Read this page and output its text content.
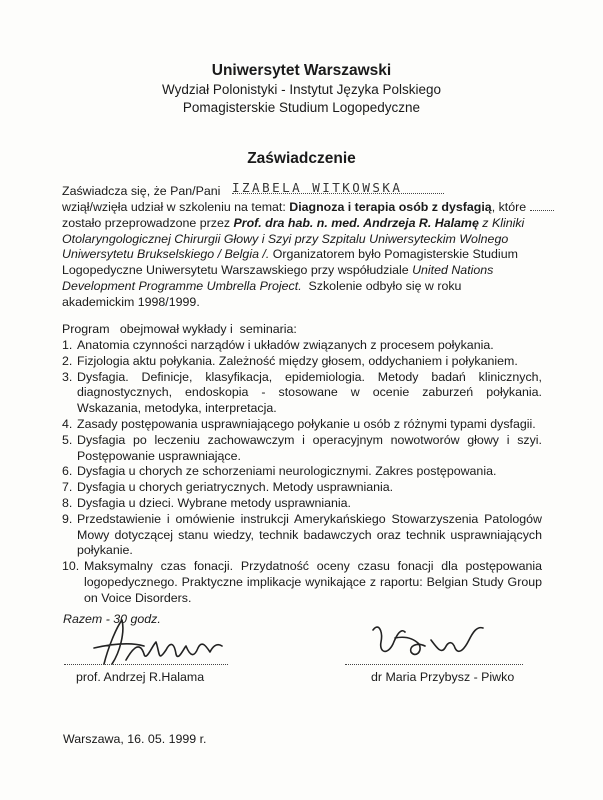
Uniwersytet Warszawski
Wydział Polonistyki - Instytut Języka Polskiego
Pomagisterskie Studium Logopedyczne
Zaświadczenie
Zaświadcza się, że Pan/Pani IZABELA WITKOWSKA
wziął/wzięła udział w szkoleniu na temat: Diagnoza i terapia osób z dysfagią, które
zostało przeprowadzone przez Prof. dra hab. n. med. Andrzeja R. Halamę z Kliniki
Otolaryngologicznej Chirurgii Głowy i Szyi przy Szpitalu Uniwersyteckim Wolnego
Uniwersytetu Brukselskiego / Belgia /. Organizatorem było Pomagisterskie Studium
Logopedyczne Uniwersytetu Warszawskiego przy współudziale United Nations
Development Programme Umbrella Project.  Szkolenie odbyło się w roku
akademickim 1998/1999.
Program   obejmował wykłady i  seminaria:
1. Anatomia czynności narządów i układów związanych z procesem połykania.
2. Fizjologia aktu połykania. Zależność między głosem, oddychaniem i połykaniem.
3. Dysfagia. Definicje, klasyfikacja, epidemiologia. Metody badań klinicznych, diagnostycznych, endoskopia - stosowane w ocenie zaburzeń połykania. Wskazania, metodyka, interpretacja.
4. Zasady postępowania usprawniającego połykanie u osób z różnymi typami dysfagii.
5. Dysfagia po leczeniu zachowawczym i operacyjnym nowotworów głowy i szyi. Postępowanie usprawniające.
6. Dysfagia u chorych ze schorzeniami neurologicznymi. Zakres postępowania.
7. Dysfagia u chorych geriatrycznych. Metody usprawniania.
8. Dysfagia u dzieci. Wybrane metody usprawniania.
9. Przedstawienie i omówienie instrukcji Amerykańskiego Stowarzyszenia Patologów Mowy dotyczącej stanu wiedzy, technik badawczych oraz technik usprawniających połykanie.
10. Maksymalny czas fonacji. Przydatność oceny czasu fonacji dla postępowania logopedycznego. Praktyczne implikacje wynikające z raportu: Belgian Study Group on Voice Disorders.
Razem - 30 godz.
prof. Andrzej R.Halama	dr Maria Przybysz - Piwko
Warszawa, 16. 05. 1999 r.
